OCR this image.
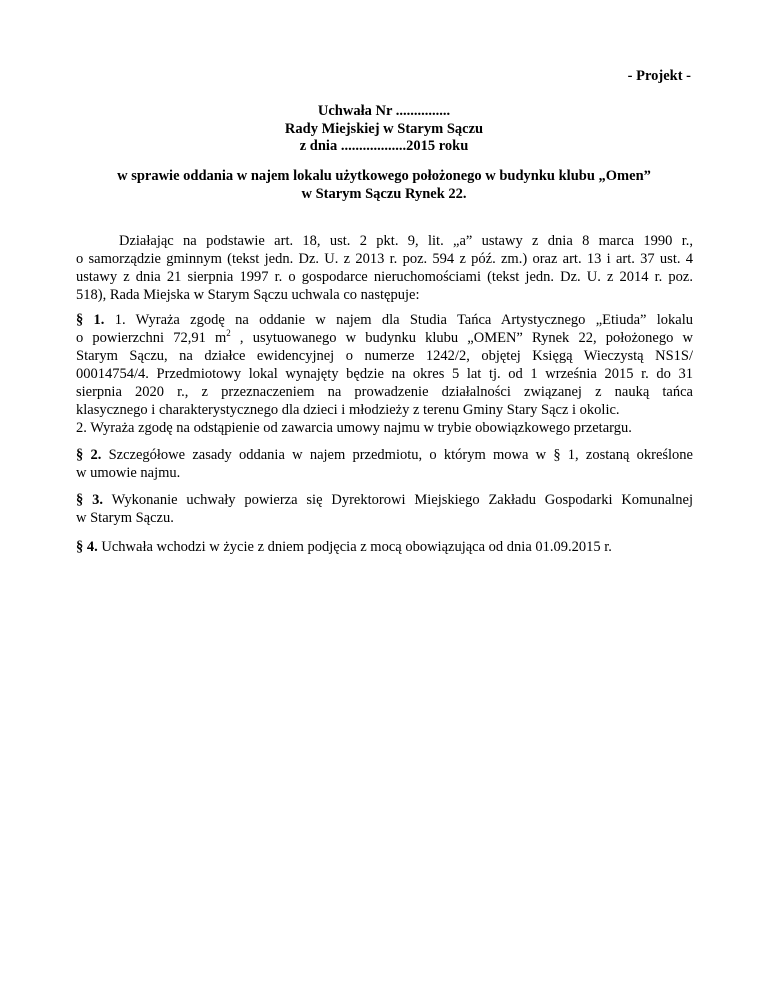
- Projekt -
Uchwała Nr ...............
Rady Miejskiej w Starym Sączu
z dnia ..................2015 roku
w sprawie oddania w najem lokalu użytkowego położonego w budynku klubu „Omen”
w Starym Sączu Rynek 22.
Działając na podstawie art. 18, ust. 2 pkt. 9, lit. „a” ustawy z dnia 8 marca 1990 r.,
o samorządzie gminnym (tekst jedn. Dz. U. z 2013 r. poz. 594 z póź. zm.) oraz art. 13 i art. 37 ust. 4
ustawy z dnia 21 sierpnia 1997 r. o gospodarce nieruchomościami (tekst jedn. Dz. U. z 2014 r. poz.
518), Rada Miejska w Starym Sączu uchwala co następuje:
§ 1. 1. Wyraża zgodę na oddanie w najem dla Studia Tańca Artystycznego „Etiuda” lokalu
o powierzchni 72,91 $m^2$ , usytuowanego w budynku klubu „OMEN” Rynek 22, położonego w
Starym Sączu, na działce ewidencyjnej o numerze 1242/2, objętej Księgą Wieczystą NS1S/
00014754/4. Przedmiotowy lokal wynajęty będzie na okres 5 lat tj. od 1 września 2015 r. do 31
sierpnia 2020 r., z przeznaczeniem na prowadzenie działalności związanej z nauką tańca
klasycznego i charakterystycznego dla dzieci i młodzieży z terenu Gminy Stary Sącz i okolic.
2. Wyraża zgodę na odstąpienie od zawarcia umowy najmu w trybie obowiązkowego przetargu.
§ 2. Szczegółowe zasady oddania w najem przedmiotu, o którym mowa w § 1, zostaną określone
w umowie najmu.
§ 3. Wykonanie uchwały powierza się Dyrektorowi Miejskiego Zakładu Gospodarki Komunalnej
w Starym Sączu.
§ 4. Uchwała wchodzi w życie z dniem podjęcia z mocą obowiązująca od dnia 01.09.2015 r.
